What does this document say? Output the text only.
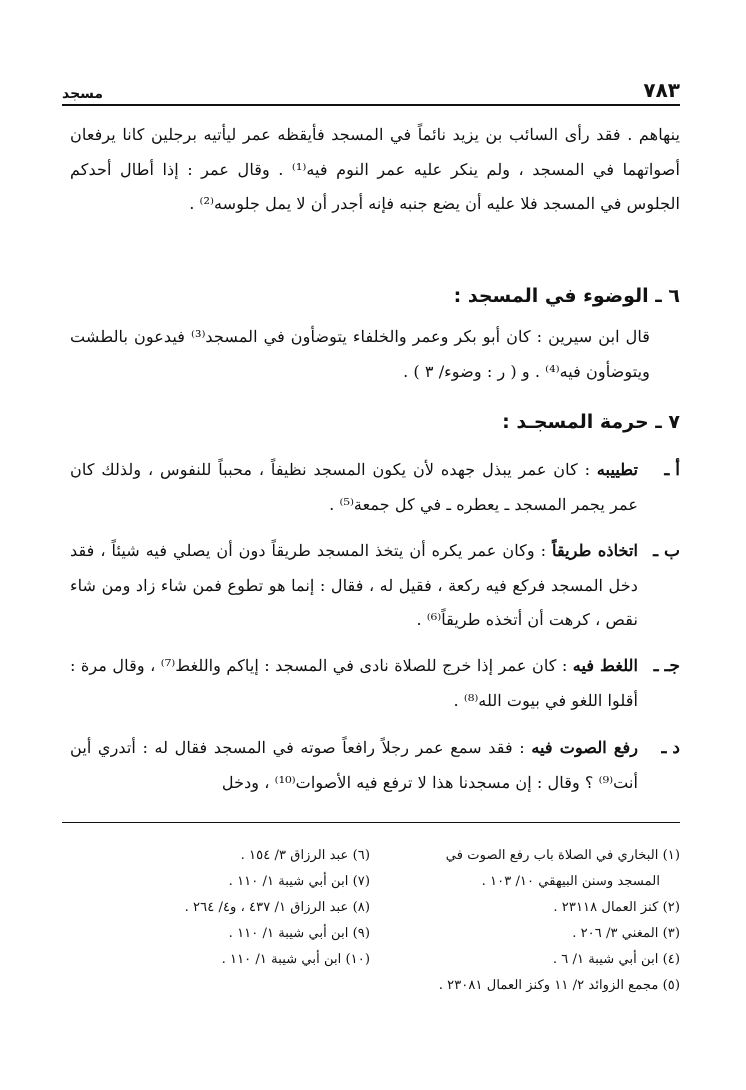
٧٨٣
مسجد

ينهاهم . فقد رأى السائب بن يزيد نائماً في المسجد فأيقظه عمر ليأتيه برجلين كانا يرفعان أصواتهما في المسجد ، ولم ينكر عليه عمر النوم فيه⁽¹⁾ . وقال عمر : إذا أطال أحدكم الجلوس في المسجد فلا عليه أن يضع جنبه فإنه أجدر أن لا يمل جلوسه⁽²⁾ .

٦ ـ الوضوء في المسجد :

قال ابن سيرين : كان أبو بكر وعمر والخلفاء يتوضأون في المسجد⁽³⁾ فيدعون بالطشت ويتوضأون فيه⁽⁴⁾ . و ( ر : وضوء/ ٣ ) .

٧ ـ حرمة المسجـد :
أ ـ

تطييبه : كان عمر يبذل جهده لأن يكون المسجد نظيفاً ، محبباً للنفوس ، ولذلك كان عمر يجمر المسجد ـ يعطره ـ في كل جمعة⁽⁵⁾ .

ب ـ

اتخاذه طريقاً : وكان عمر يكره أن يتخذ المسجد طريقاً دون أن يصلي فيه شيئاً ، فقد دخل المسجد فركع فيه ركعة ، فقيل له ، فقال : إنما هو تطوع فمن شاء زاد ومن شاء نقص ، كرهت أن أتخذه طريقاً⁽⁶⁾ .

جـ ـ

اللغط فيه : كان عمر إذا خرج للصلاة نادى في المسجد : إياكم واللغط⁽⁷⁾ ، وقال مرة : أقلوا اللغو في بيوت الله⁽⁸⁾ .

د ـ

رفع الصوت فيه : فقد سمع عمر رجلاً رافعاً صوته في المسجد فقال له : أتدري أين أنت⁽⁹⁾ ؟ وقال : إن مسجدنا هذا لا ترفع فيه الأصوات⁽¹⁰⁾ ، ودخل

(١) البخاري في الصلاة باب رفع الصوت في
المسجد وسنن البيهقي ١٠/ ١٠٣ .

(٢) كنز العمال ٢٣١١٨ .

(٣) المغني ٣/ ٢٠٦ .

(٤) ابن أبي شيبة ١/ ٦ .

(٥) مجمع الزوائد ٢/ ١١ وكنز العمال ٢٣٠٨١ .

(٦) عبد الرزاق ٣/ ١٥٤ .

(٧) ابن أبي شيبة ١/ ١١٠ .

(٨) عبد الرزاق ١/ ٤٣٧ ، و٤/ ٢٦٤ .

(٩) ابن أبي شيبة ١/ ١١٠ .

(١٠) ابن أبي شيبة ١/ ١١٠ .
